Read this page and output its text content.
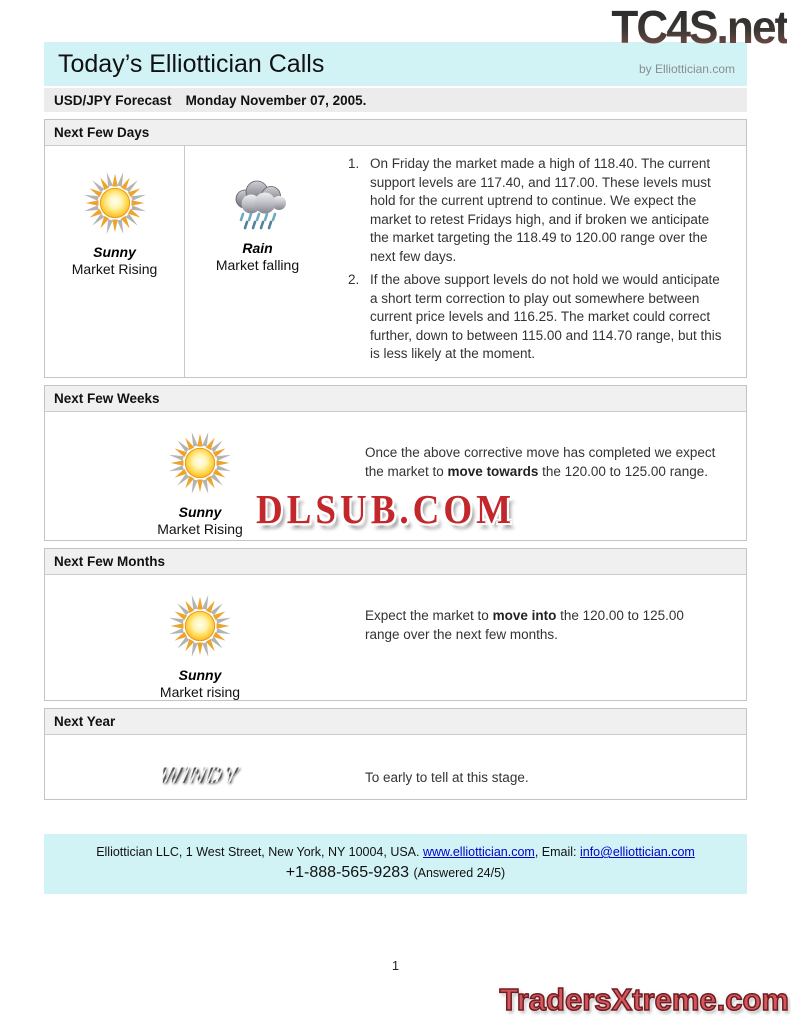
TC4S.net
DLSUB.COM
TradersXtreme.com
Today’s Elliottician Calls	by Elliottician.com
USD/JPY Forecast Monday November 07, 2005.
Next Few Days
Sunny
Market Rising
Rain
Market falling
1. On Friday the market made a high of 118.40. The current support levels are 117.40, and 117.00. These levels must hold for the current uptrend to continue. We expect the market to retest Fridays high, and if broken we anticipate the market targeting the 118.49 to 120.00 range over the next few days.
2. If the above support levels do not hold we would anticipate a short term correction to play out somewhere between current price levels and 116.25. The market could correct further, down to between 115.00 and 114.70 range, but this is less likely at the moment.
Next Few Weeks
Sunny
Market Rising
Once the above corrective move has completed we expect the market to move towards the 120.00 to 125.00 range.
Next Few Months
Sunny
Market rising
Expect the market to move into the 120.00 to 125.00 range over the next few months.
Next Year
WINDY	To early to tell at this stage.
Elliottician LLC, 1 West Street, New York, NY 10004, USA. www.elliottician.com, Email: info@elliottician.com
+1-888-565-9283 (Answered 24/5)
1
